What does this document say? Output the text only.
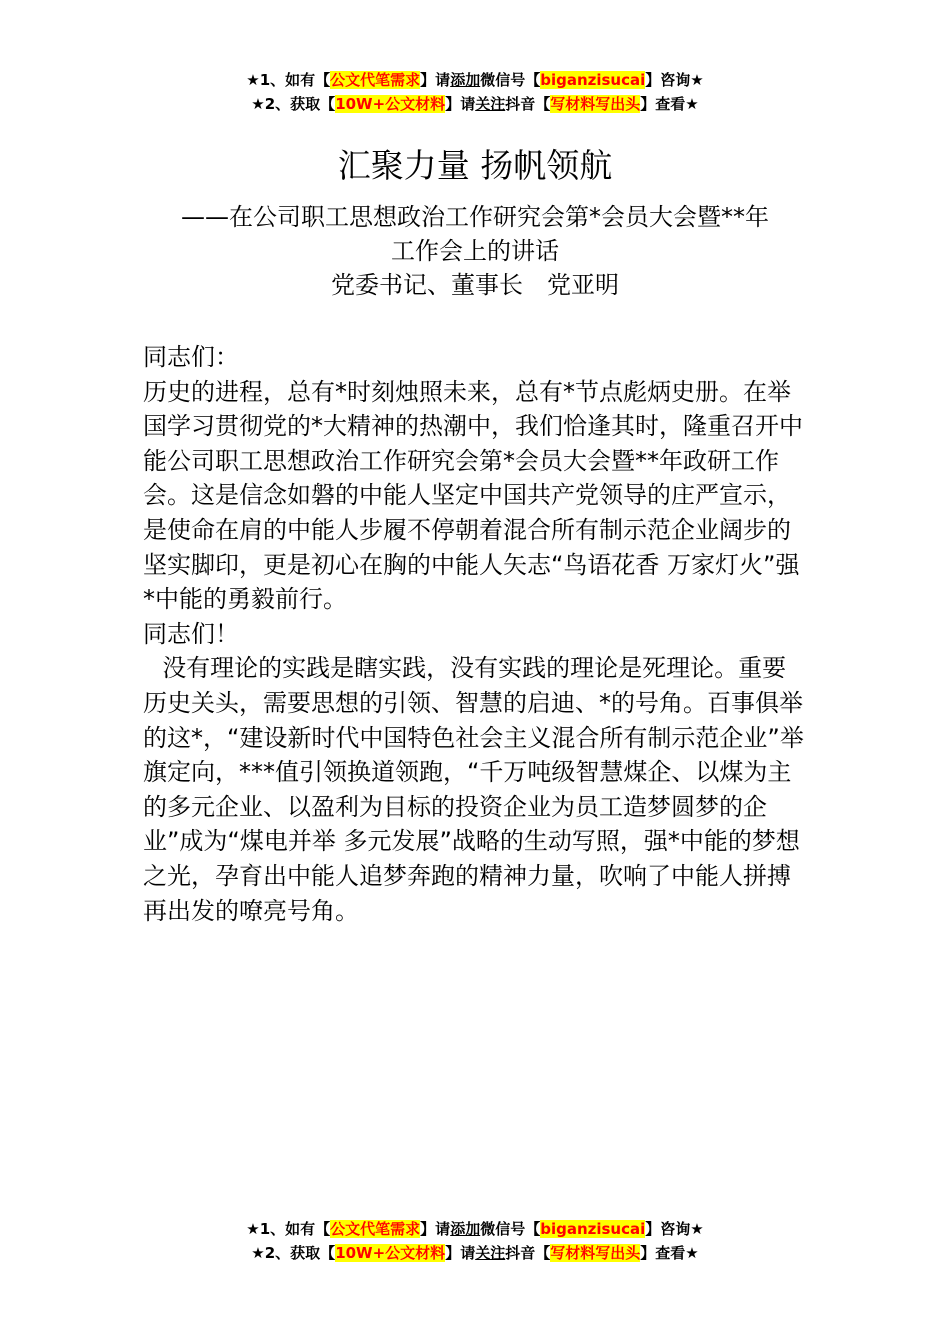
★1、如有【公文代笔需求】请添加微信号【biganzisucai】咨询★
★2、获取【10W+公文材料】请关注抖音【写材料写出头】查看★
汇聚力量 扬帆领航
——在公司职工思想政治工作研究会第*会员大会暨**年
工作会上的讲话
党委书记、董事长　党亚明

同志们：

历史的进程，总有*时刻烛照未来，总有*节点彪炳史册。在举国学习贯彻党的*大精神的热潮中，我们恰逢其时，隆重召开中能公司职工思想政治工作研究会第*会员大会暨**年政研工作会。这是信念如磐的中能人坚定中国共产党领导的庄严宣示，是使命在肩的中能人步履不停朝着混合所有制示范企业阔步的坚实脚印，更是初心在胸的中能人矢志“鸟语花香 万家灯火”强*中能的勇毅前行。

同志们！

没有理论的实践是瞎实践，没有实践的理论是死理论。重要历史关头，需要思想的引领、智慧的启迪、*的号角。百事俱举的这*，“建设新时代中国特色社会主义混合所有制示范企业”举旗定向，***值引领换道领跑，“千万吨级智慧煤企、以煤为主的多元企业、以盈利为目标的投资企业为员工造梦圆梦的企业”成为“煤电并举 多元发展”战略的生动写照，强*中能的梦想之光，孕育出中能人追梦奔跑的精神力量，吹响了中能人拼搏再出发的嘹亮号角。

★1、如有【公文代笔需求】请添加微信号【biganzisucai】咨询★
★2、获取【10W+公文材料】请关注抖音【写材料写出头】查看★
